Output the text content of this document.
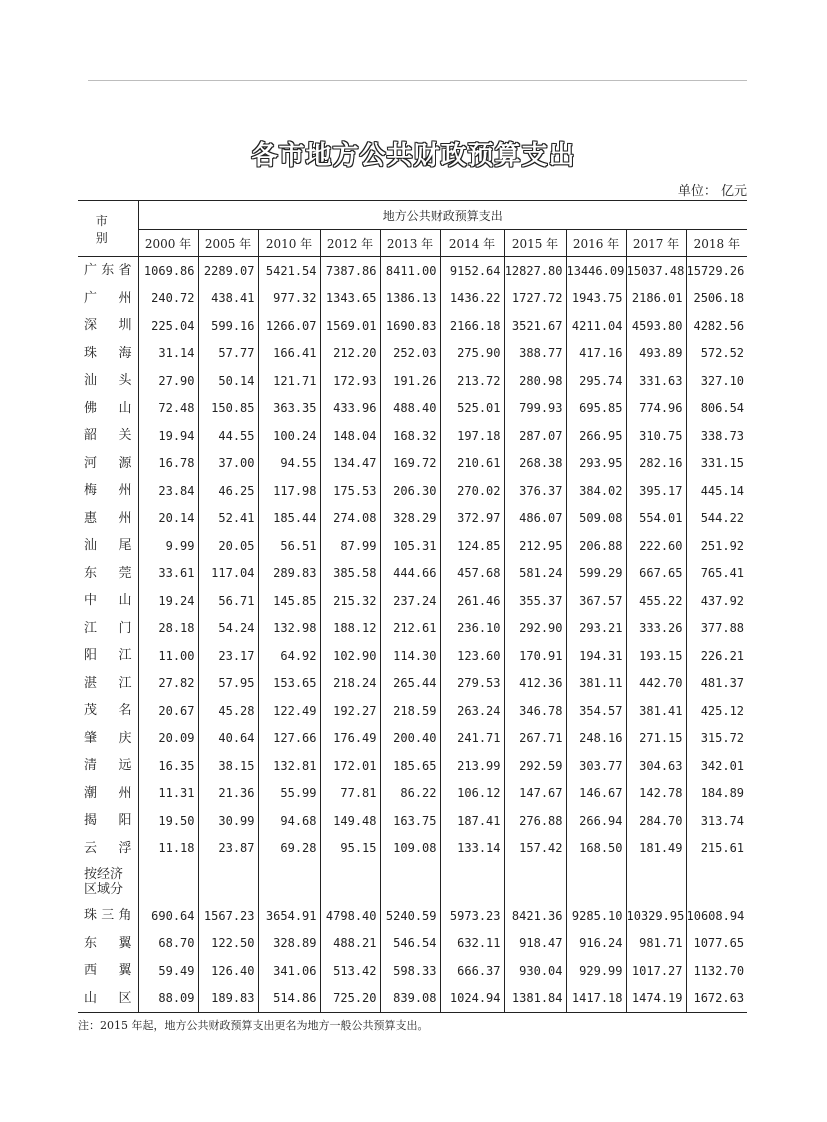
各市地方公共财政预算支出
单位： 亿元
市 别	地方公共财政预算支出									
	2000 年	2005 年	2010 年	2012 年	2013 年	2014 年	2015 年	2016 年	2017 年	2018 年
广东省	1069.86	2289.07	5421.54	7387.86	8411.00	9152.64	12827.80	13446.09	15037.48	15729.26
广州	240.72	438.41	977.32	1343.65	1386.13	1436.22	1727.72	1943.75	2186.01	2506.18
深圳	225.04	599.16	1266.07	1569.01	1690.83	2166.18	3521.67	4211.04	4593.80	4282.56
珠海	31.14	57.77	166.41	212.20	252.03	275.90	388.77	417.16	493.89	572.52
汕头	27.90	50.14	121.71	172.93	191.26	213.72	280.98	295.74	331.63	327.10
佛山	72.48	150.85	363.35	433.96	488.40	525.01	799.93	695.85	774.96	806.54
韶关	19.94	44.55	100.24	148.04	168.32	197.18	287.07	266.95	310.75	338.73
河源	16.78	37.00	94.55	134.47	169.72	210.61	268.38	293.95	282.16	331.15
梅州	23.84	46.25	117.98	175.53	206.30	270.02	376.37	384.02	395.17	445.14
惠州	20.14	52.41	185.44	274.08	328.29	372.97	486.07	509.08	554.01	544.22
汕尾	9.99	20.05	56.51	87.99	105.31	124.85	212.95	206.88	222.60	251.92
东莞	33.61	117.04	289.83	385.58	444.66	457.68	581.24	599.29	667.65	765.41
中山	19.24	56.71	145.85	215.32	237.24	261.46	355.37	367.57	455.22	437.92
江门	28.18	54.24	132.98	188.12	212.61	236.10	292.90	293.21	333.26	377.88
阳江	11.00	23.17	64.92	102.90	114.30	123.60	170.91	194.31	193.15	226.21
湛江	27.82	57.95	153.65	218.24	265.44	279.53	412.36	381.11	442.70	481.37
茂名	20.67	45.28	122.49	192.27	218.59	263.24	346.78	354.57	381.41	425.12
肇庆	20.09	40.64	127.66	176.49	200.40	241.71	267.71	248.16	271.15	315.72
清远	16.35	38.15	132.81	172.01	185.65	213.99	292.59	303.77	304.63	342.01
潮州	11.31	21.36	55.99	77.81	86.22	106.12	147.67	146.67	142.78	184.89
揭阳	19.50	30.99	94.68	149.48	163.75	187.41	276.88	266.94	284.70	313.74
云浮	11.18	23.87	69.28	95.15	109.08	133.14	157.42	168.50	181.49	215.61
按经济区域分										
珠三角	690.64	1567.23	3654.91	4798.40	5240.59	5973.23	8421.36	9285.10	10329.95	10608.94
东翼	68.70	122.50	328.89	488.21	546.54	632.11	918.47	916.24	981.71	1077.65
西翼	59.49	126.40	341.06	513.42	598.33	666.37	930.04	929.99	1017.27	1132.70
山区	88.09	189.83	514.86	725.20	839.08	1024.94	1381.84	1417.18	1474.19	1672.63
注：2015 年起，地方公共财政预算支出更名为地方一般公共预算支出。
